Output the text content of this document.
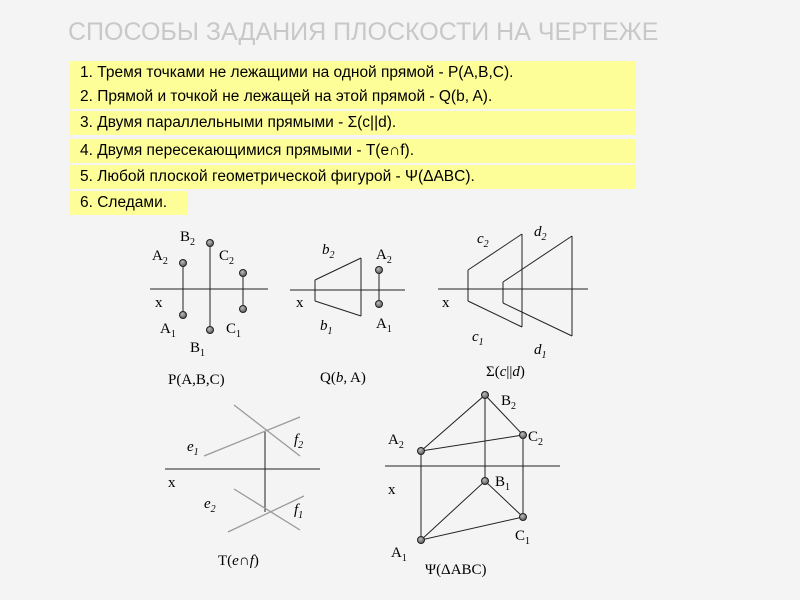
СПОСОБЫ ЗАДАНИЯ ПЛОСКОСТИ НА ЧЕРТЕЖЕ
1. Тремя точками не лежащими на одной прямой - P(A,B,C).
2. Прямой и точкой не лежащей на этой прямой - Q(b, A).
3. Двумя параллельными прямыми - Σ(c||d).
4. Двумя пересекающимися прямыми - T(e∩f).
5. Любой плоской геометрической фигурой - Ψ(ΔABC).
6. Следами.
$A_2$
$B_2$
$C_2$
x
$A_1$	$C_1$
$B_1$
P(A,B,C)
$b_2$	$A_2$
x
$b_1$	$A_1$
Q(b, A)
$c_2$
$d_2$
x
$c_1$	$d_1$
Σ(c||d)
$e_1$
$f_2$
x
$e_2$	$f_1$
T(e∩f)
$B_2$
$A_2$
$C_2$
x	$B_1$
$C_1$
$A_1$
Ψ(ΔABC)
